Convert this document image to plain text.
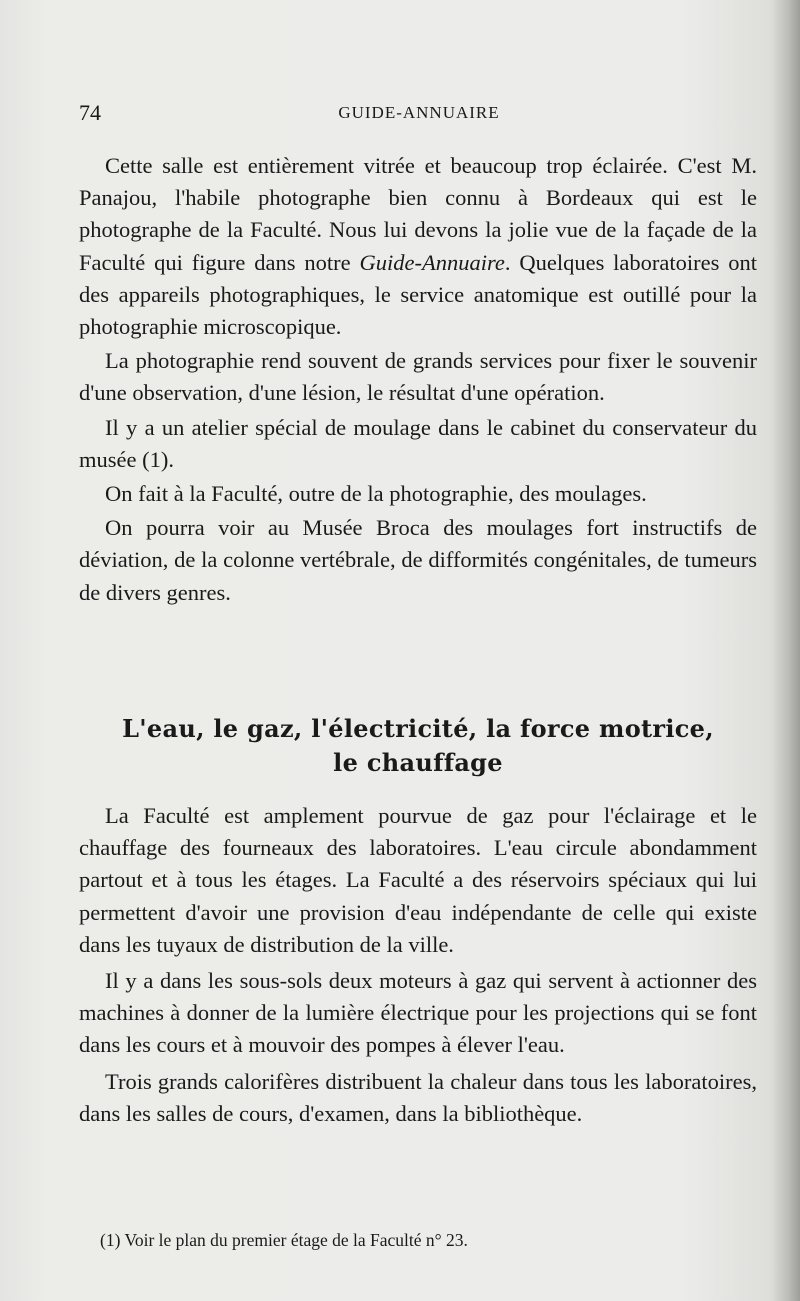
74	GUIDE-ANNUAIRE

Cette salle est entièrement vitrée et beaucoup trop éclairée. C'est M. Panajou, l'habile photographe bien connu à Bordeaux qui est le photographe de la Faculté. Nous lui devons la jolie vue de la façade de la Faculté qui figure dans notre Guide-Annuaire. Quelques laboratoires ont des appareils photographiques, le service anatomique est outillé pour la photographie microscopique.

La photographie rend souvent de grands services pour fixer le souvenir d'une observation, d'une lésion, le résultat d'une opération.

Il y a un atelier spécial de moulage dans le cabinet du conservateur du musée (1).

On fait à la Faculté, outre de la photographie, des moulages.

On pourra voir au Musée Broca des moulages fort instructifs de déviation, de la colonne vertébrale, de difformités congénitales, de tumeurs de divers genres.

L'eau, le gaz, l'électricité, la force motrice,
le chauffage

La Faculté est amplement pourvue de gaz pour l'éclairage et le chauffage des fourneaux des laboratoires. L'eau circule abondamment partout et à tous les étages. La Faculté a des réservoirs spéciaux qui lui permettent d'avoir une provision d'eau indépendante de celle qui existe dans les tuyaux de distribution de la ville.

Il y a dans les sous-sols deux moteurs à gaz qui servent à actionner des machines à donner de la lumière électrique pour les projections qui se font dans les cours et à mouvoir des pompes à élever l'eau.

Trois grands calorifères distribuent la chaleur dans tous les laboratoires, dans les salles de cours, d'examen, dans la bibliothèque.

(1) Voir le plan du premier étage de la Faculté n° 23.
